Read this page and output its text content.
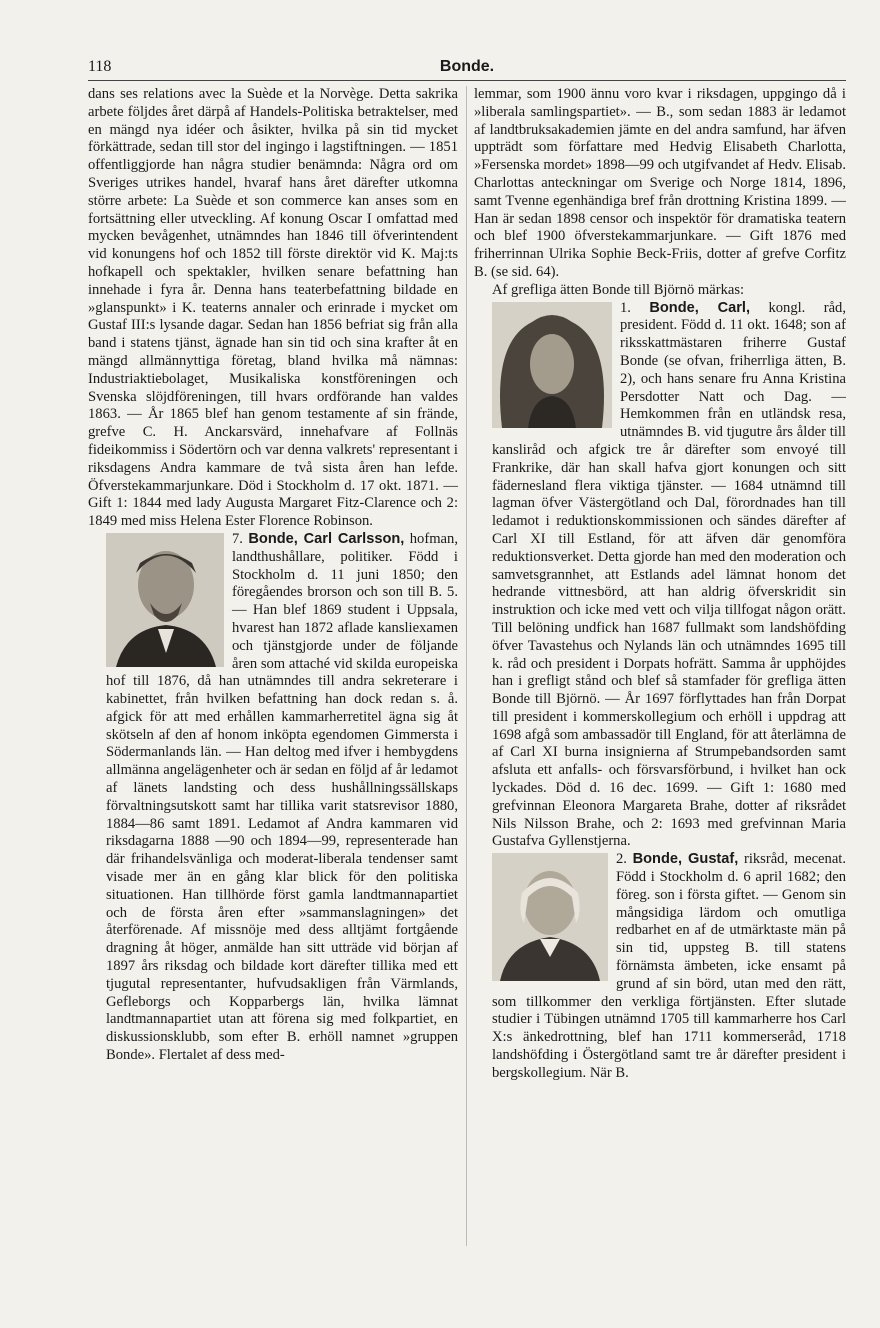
118	Bonde.

dans ses relations avec la Suède et la Norvège. Detta sakrika arbete följdes året därpå af Handels-Politiska betraktelser, med en mängd nya idéer och åsikter, hvilka på sin tid mycket förkättrade, sedan till stor del ingingo i lagstiftningen. — 1851 offentliggjorde han några studier benämnda: Några ord om Sveriges utrikes handel, hvaraf hans året därefter utkomna större arbete: La Suède et son commerce kan anses som en fortsättning eller utveckling. Af konung Oscar I omfattad med mycken bevågenhet, utnämndes han 1846 till öfverintendent vid konungens hof och 1852 till förste direktör vid K. Maj:ts hofkapell och spektakler, hvilken senare befattning han innehade i fyra år. Denna hans teaterbefattning bildade en »glanspunkt» i K. teaterns annaler och erinrade i mycket om Gustaf III:s lysande dagar. Sedan han 1856 befriat sig från alla band i statens tjänst, ägnade han sin tid och sina krafter åt en mängd allmännyttiga företag, bland hvilka må nämnas: Industriaktiebolaget, Musikaliska konstföreningen och Svenska slöjdföreningen, till hvars ordförande han valdes 1863. — År 1865 blef han genom testamente af sin frände, grefve C. H. Anckarsvärd, innehafvare af Follnäs fideikommiss i Södertörn och var denna valkrets' representant i riksdagens Andra kammare de två sista åren han lefde. Öfverstekammarjunkare. Död i Stockholm d. 17 okt. 1871. — Gift 1: 1844 med lady Augusta Margaret Fitz-Clarence och 2: 1849 med miss Helena Ester Florence Robinson.

7. Bonde, Carl Carlsson, hofman, landthushållare, politiker. Född i Stockholm d. 11 juni 1850; den föregåendes brorson och son till B. 5. — Han blef 1869 student i Uppsala, hvarest han 1872 aflade kansliexamen och tjänstgjorde under de följande åren som attaché vid skilda europeiska hof till 1876, då han utnämndes till andra sekreterare i kabinettet, från hvilken befattning han dock redan s. å. afgick för att med erhållen kammarherretitel ägna sig åt skötseln af den af honom inköpta egendomen Gimmersta i Södermanlands län. — Han deltog med ifver i hembygdens allmänna angelägenheter och är sedan en följd af år ledamot af länets landsting och dess hushållningssällskaps förvaltningsutskott samt har tillika varit statsrevisor 1880, 1884—86 samt 1891. Ledamot af Andra kammaren vid riksdagarna 1888 —90 och 1894—99, representerade han där frihandelsvänliga och moderat-liberala tendenser samt visade mer än en gång klar blick för den politiska situationen. Han tillhörde först gamla landtmannapartiet och de första åren efter »sammanslagningen» det återförenade. Af missnöje med dess alltjämt fortgående dragning åt höger, anmälde han sitt utträde vid början af 1897 års riksdag och bildade kort därefter tillika med ett tjugutal representanter, hufvudsakligen från Värmlands, Gefleborgs och Kopparbergs län, hvilka lämnat landtmannapartiet utan att förena sig med folkpartiet, en diskussionsklubb, som efter B. erhöll namnet »gruppen Bonde». Flertalet af dess med-

lemmar, som 1900 ännu voro kvar i riksdagen, uppgingo då i »liberala samlingspartiet». — B., som sedan 1883 är ledamot af landtbruksakademien jämte en del andra samfund, har äfven uppträdt som författare med Hedvig Elisabeth Charlotta, »Fersenska mordet» 1898—99 och utgifvandet af Hedv. Elisab. Charlottas anteckningar om Sverige och Norge 1814, 1896, samt Tvenne egenhändiga bref från drottning Kristina 1899. — Han är sedan 1898 censor och inspektör för dramatiska teatern och blef 1900 öfverstekammarjunkare. — Gift 1876 med friherrinnan Ulrika Sophie Beck-Friis, dotter af grefve Corfitz B. (se sid. 64).

Af grefliga ätten Bonde till Björnö märkas:

1. Bonde, Carl, kongl. råd, president. Född d. 11 okt. 1648; son af riksskattmästaren friherre Gustaf Bonde (se ofvan, friherrliga ätten, B. 2), och hans senare fru Anna Kristina Persdotter Natt och Dag. — Hemkommen från en utländsk resa, utnämndes B. vid tjugutre års ålder till kansliråd och afgick tre år därefter som envoyé till Frankrike, där han skall hafva gjort konungen och sitt fädernesland flera viktiga tjänster. — 1684 utnämnd till lagman öfver Västergötland och Dal, förordnades han till ledamot i reduktionskommissionen och sändes därefter af Carl XI till Estland, för att äfven där genomföra reduktionsverket. Detta gjorde han med den moderation och samvetsgrannhet, att Estlands adel lämnat honom det hedrande vittnesbörd, att han aldrig öfverskridit sin instruktion och icke med vett och vilja tillfogat någon orätt. Till belöning undfick han 1687 fullmakt som landshöfding öfver Tavastehus och Nylands län och utnämndes 1695 till k. råd och president i Dorpats hofrätt. Samma år upphöjdes han i grefligt stånd och blef så stamfader för grefliga ätten Bonde till Björnö. — År 1697 förflyttades han från Dorpat till president i kommerskollegium och erhöll i uppdrag att 1698 afgå som ambassadör till England, för att återlämna de af Carl XI burna insignierna af Strumpebandsorden samt afsluta ett anfalls- och försvarsförbund, i hvilket han ock lyckades. Död d. 16 dec. 1699. — Gift 1: 1680 med grefvinnan Eleonora Margareta Brahe, dotter af riksrådet Nils Nilsson Brahe, och 2: 1693 med grefvinnan Maria Gustafva Gyllenstjerna.

2. Bonde, Gustaf, riksråd, mecenat. Född i Stockholm d. 6 april 1682; den föreg. son i första giftet. — Genom sin mångsidiga lärdom och omutliga redbarhet en af de utmärktaste män på sin tid, uppsteg B. till statens förnämsta ämbeten, icke ensamt på grund af sin börd, utan med den rätt, som tillkommer den verkliga förtjänsten. Efter slutade studier i Tübingen utnämnd 1705 till kammarherre hos Carl X:s änkedrottning, blef han 1711 kommerseråd, 1718 landshöfding i Östergötland samt tre år därefter president i bergskollegium. När B.
